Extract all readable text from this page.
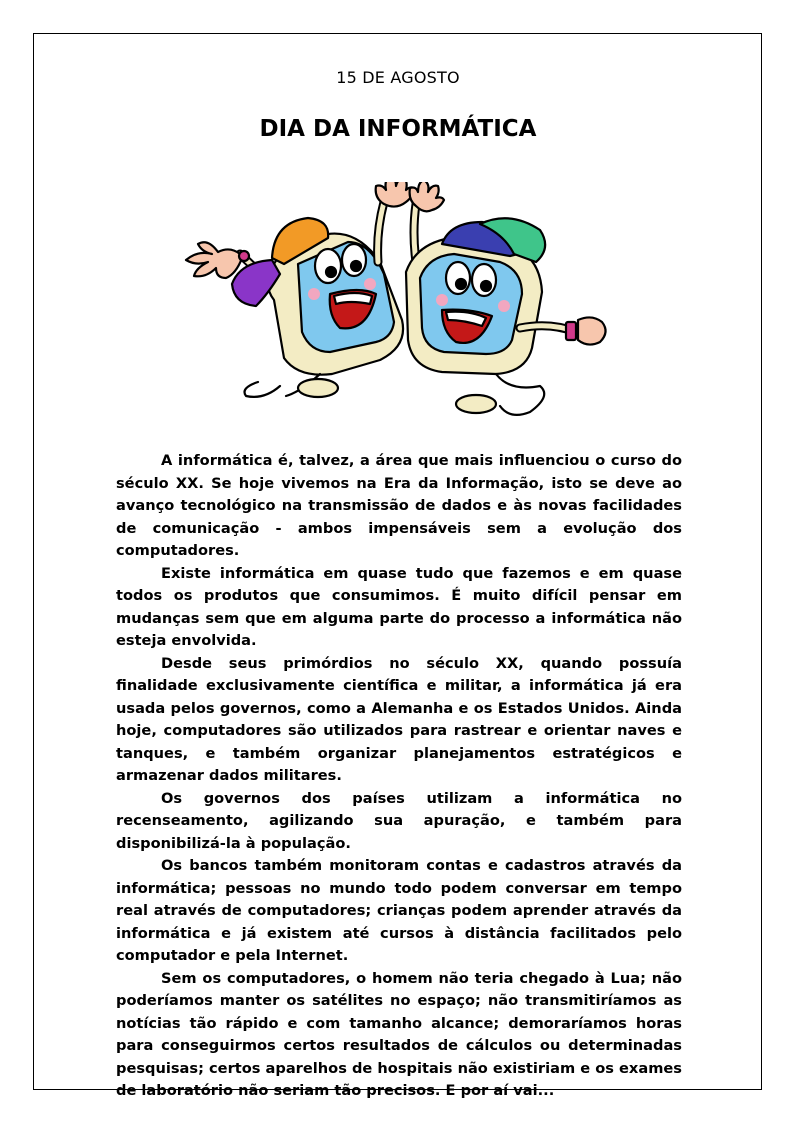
15 DE AGOSTO
DIA DA INFORMÁTICA

A informática é, talvez, a área que mais influenciou o curso do século XX. Se hoje vivemos na Era da Informação, isto se deve ao avanço tecnológico na transmissão de dados e às novas facilidades de comunicação - ambos impensáveis sem a evolução dos computadores.

Existe informática em quase tudo que fazemos e em quase todos os produtos que consumimos. É muito difícil pensar em mudanças sem que em alguma parte do processo a informática não esteja envolvida.

Desde seus primórdios no século XX, quando possuía finalidade exclusivamente científica e militar, a informática já era usada pelos governos, como a Alemanha e os Estados Unidos. Ainda hoje, computadores são utilizados para rastrear e orientar naves e tanques, e também organizar planejamentos estratégicos e armazenar dados militares.

Os governos dos países utilizam a informática no recenseamento, agilizando sua apuração, e também para disponibilizá-la à população.

Os bancos também monitoram contas e cadastros através da informática; pessoas no mundo todo podem conversar em tempo real através de computadores; crianças podem aprender através da informática e já existem até cursos à distância facilitados pelo computador e pela Internet.

Sem os computadores, o homem não teria chegado à Lua; não poderíamos manter os satélites no espaço; não transmitiríamos as notícias tão rápido e com tamanho alcance; demoraríamos horas para conseguirmos certos resultados de cálculos ou determinadas pesquisas; certos aparelhos de hospitais não existiriam e os exames de laboratório não seriam tão precisos. E por aí vai...
